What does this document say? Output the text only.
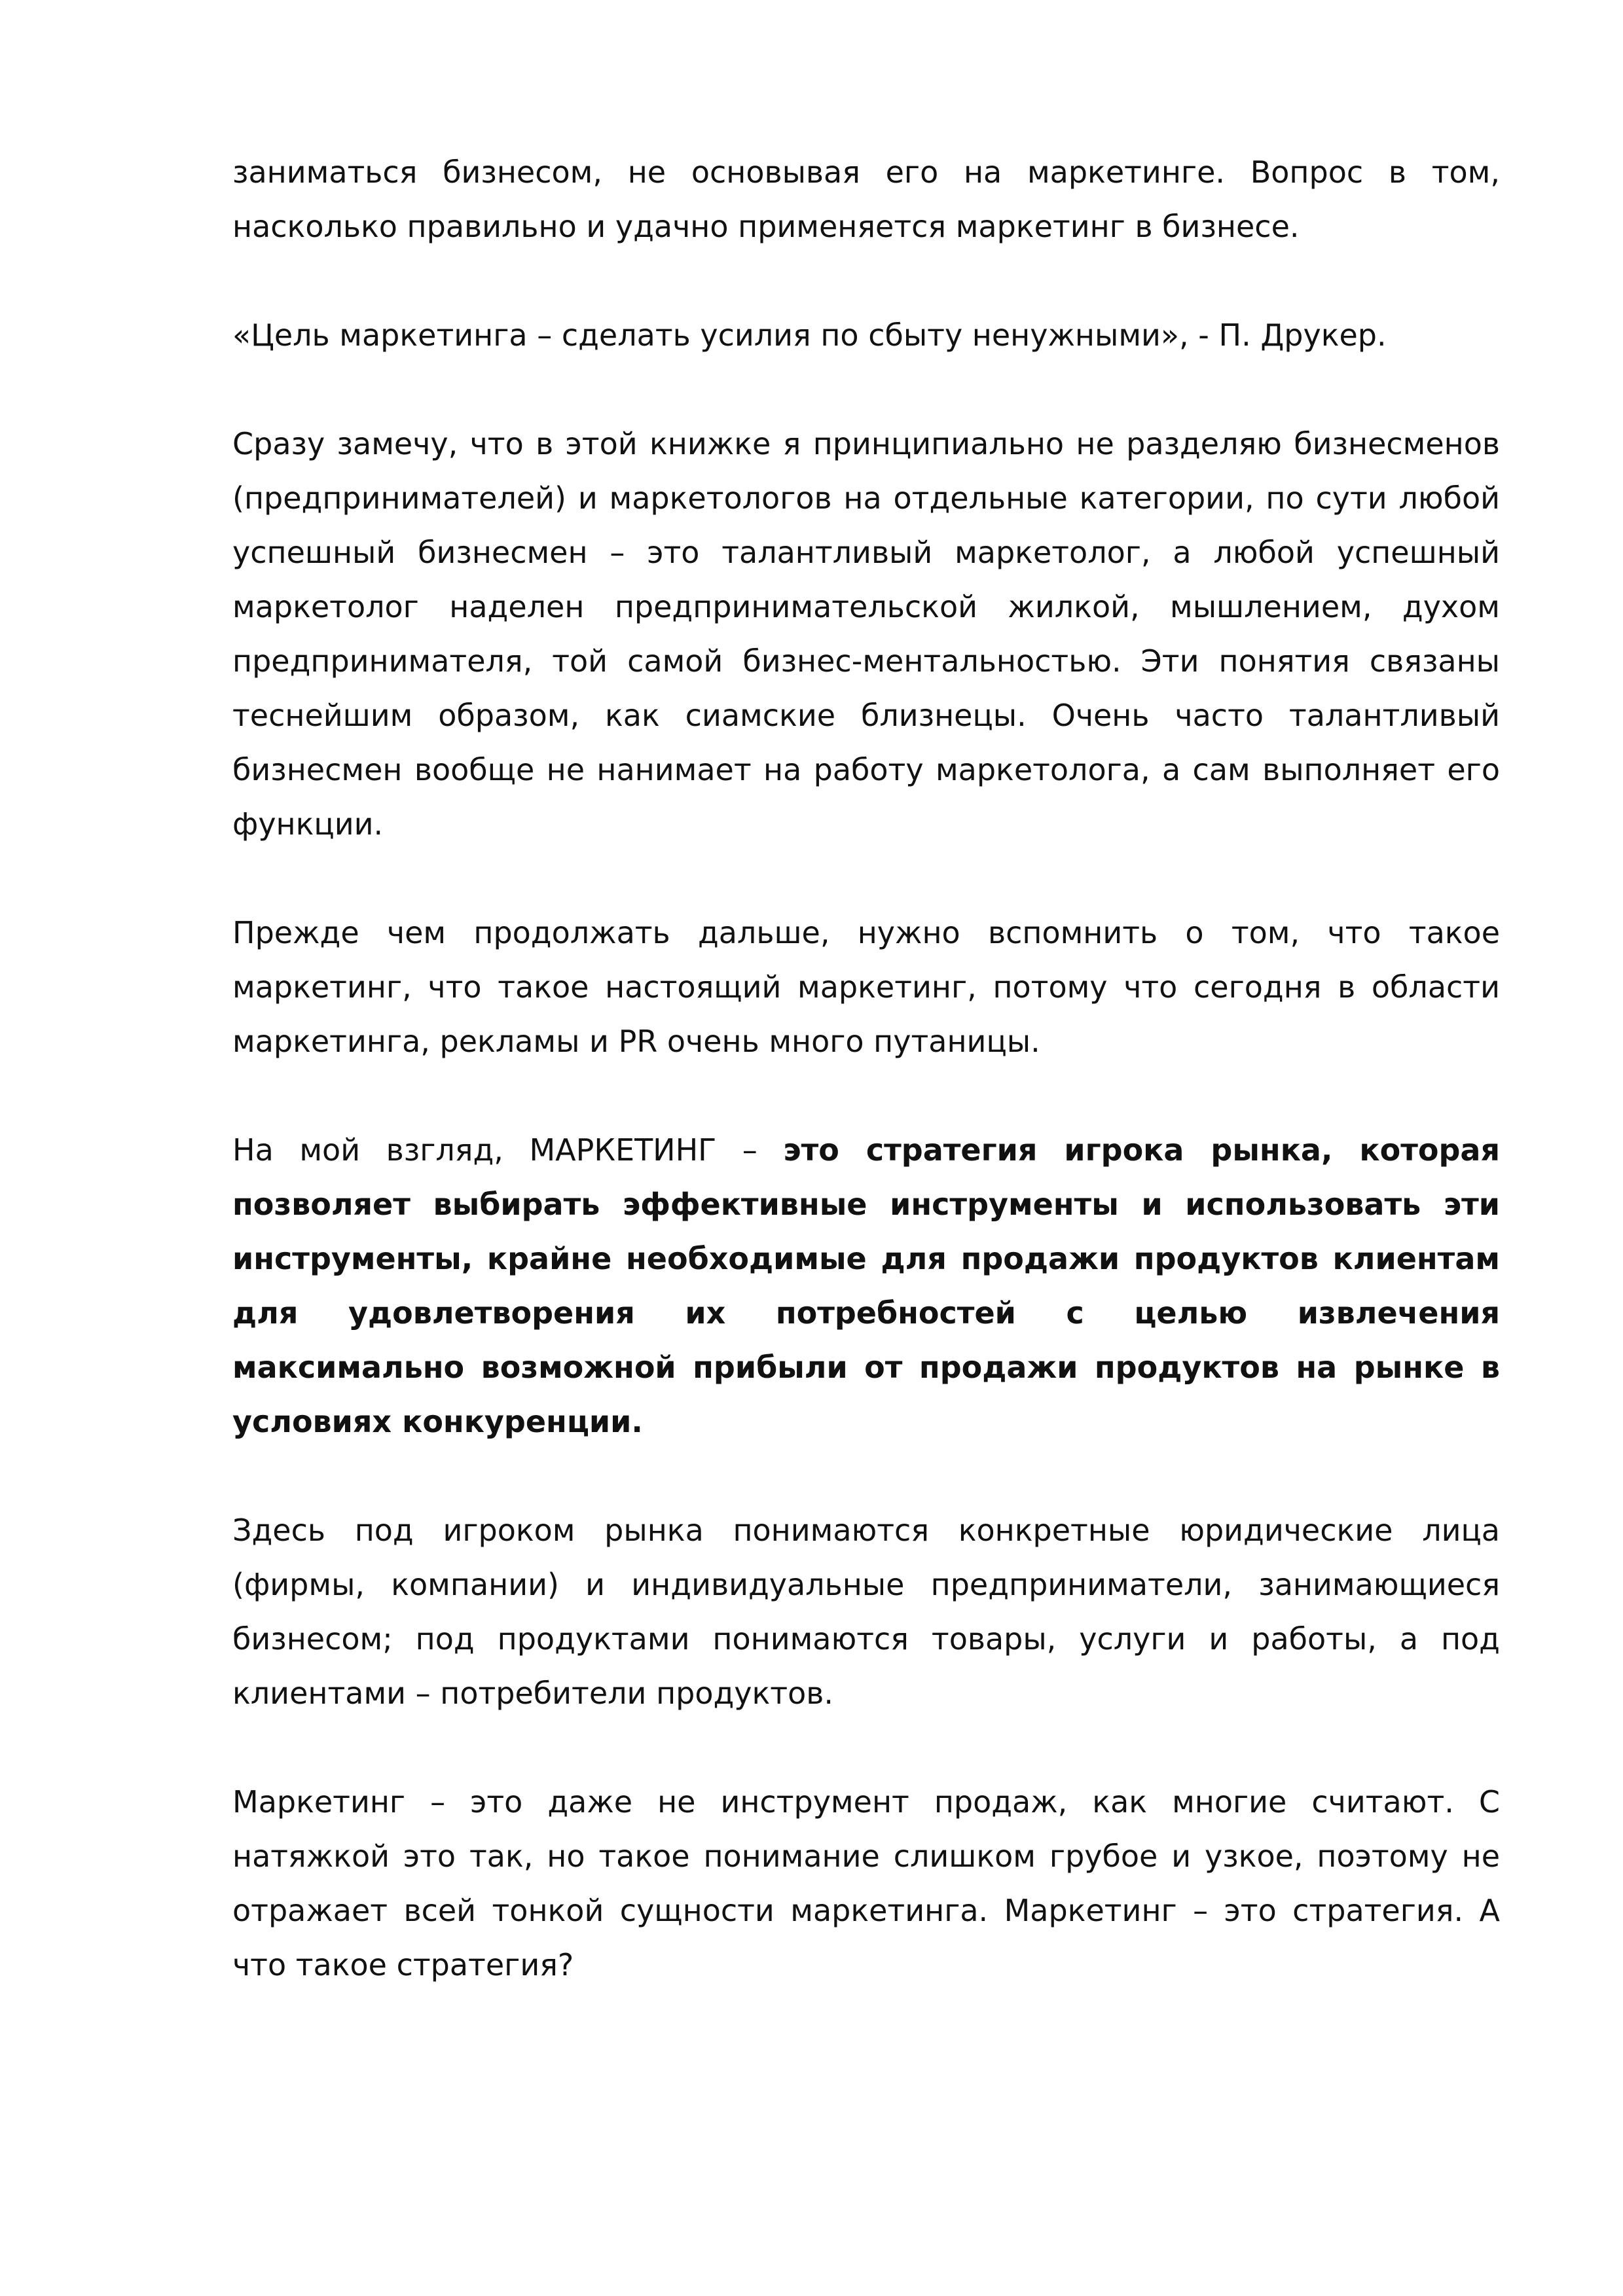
заниматься бизнесом, не основывая его на маркетинге. Вопрос в том, насколько правильно и удачно применяется маркетинг в бизнесе.

«Цель маркетинга – сделать усилия по сбыту ненужными», - П. Друкер.

Сразу замечу, что в этой книжке я принципиально не разделяю бизнесменов (предпринимателей) и маркетологов на отдельные категории, по сути любой успешный бизнесмен – это талантливый маркетолог, а любой успешный маркетолог наделен предпринимательской жилкой, мышлением, духом предпринимателя, той самой бизнес-ментальностью. Эти понятия связаны теснейшим образом, как сиамские близнецы. Очень часто талантливый бизнесмен вообще не нанимает на работу маркетолога, а сам выполняет его функции.

Прежде чем продолжать дальше, нужно вспомнить о том, что такое маркетинг, что такое настоящий маркетинг, потому что сегодня в области маркетинга, рекламы и PR очень много путаницы.

На мой взгляд, МАРКЕТИНГ – это стратегия игрока рынка, которая позволяет выбирать эффективные инструменты и использовать эти инструменты, крайне необходимые для продажи продуктов клиентам для удовлетворения их потребностей с целью извлечения максимально возможной прибыли от продажи продуктов на рынке в условиях конкуренции.

Здесь под игроком рынка понимаются конкретные юридические лица (фирмы, компании) и индивидуальные предприниматели, занимающиеся бизнесом; под продуктами понимаются товары, услуги и работы, а под клиентами – потребители продуктов.

Маркетинг – это даже не инструмент продаж, как многие считают. С натяжкой это так, но такое понимание слишком грубое и узкое, поэтому не отражает всей тонкой сущности маркетинга. Маркетинг – это стратегия. А что такое стратегия?
